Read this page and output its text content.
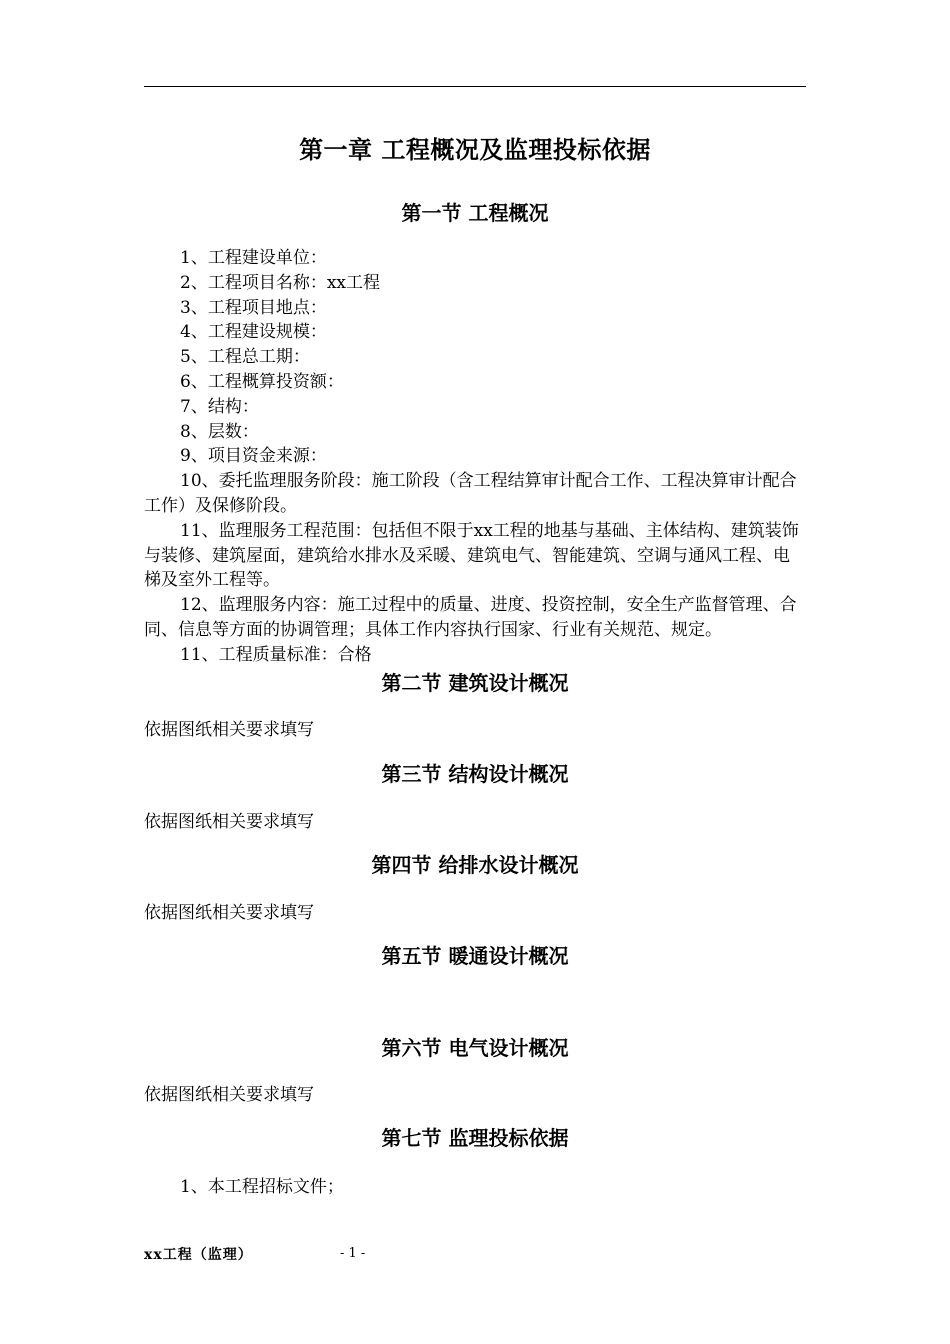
第一章 工程概况及监理投标依据
第一节 工程概况

1、工程建设单位：

2、工程项目名称：xx工程

3、工程项目地点：

4、工程建设规模：

5、工程总工期：

6、工程概算投资额：

7、结构：

8、层数：

9、项目资金来源：

10、委托监理服务阶段：施工阶段（含工程结算审计配合工作、工程决算审计配合工作）及保修阶段。

11、监理服务工程范围：包括但不限于xx工程的地基与基础、主体结构、建筑装饰与装修、建筑屋面，建筑给水排水及采暖、建筑电气、智能建筑、空调与通风工程、电梯及室外工程等。

12、监理服务内容：施工过程中的质量、进度、投资控制，安全生产监督管理、合同、信息等方面的协调管理；具体工作内容执行国家、行业有关规范、规定。

11、工程质量标准：合格

第二节 建筑设计概况
依据图纸相关要求填写
第三节 结构设计概况
依据图纸相关要求填写
第四节 给排水设计概况
依据图纸相关要求填写
第五节 暖通设计概况
第六节 电气设计概况
依据图纸相关要求填写
第七节 监理投标依据
1、本工程招标文件；
xx工程（监理）	- 1 -
